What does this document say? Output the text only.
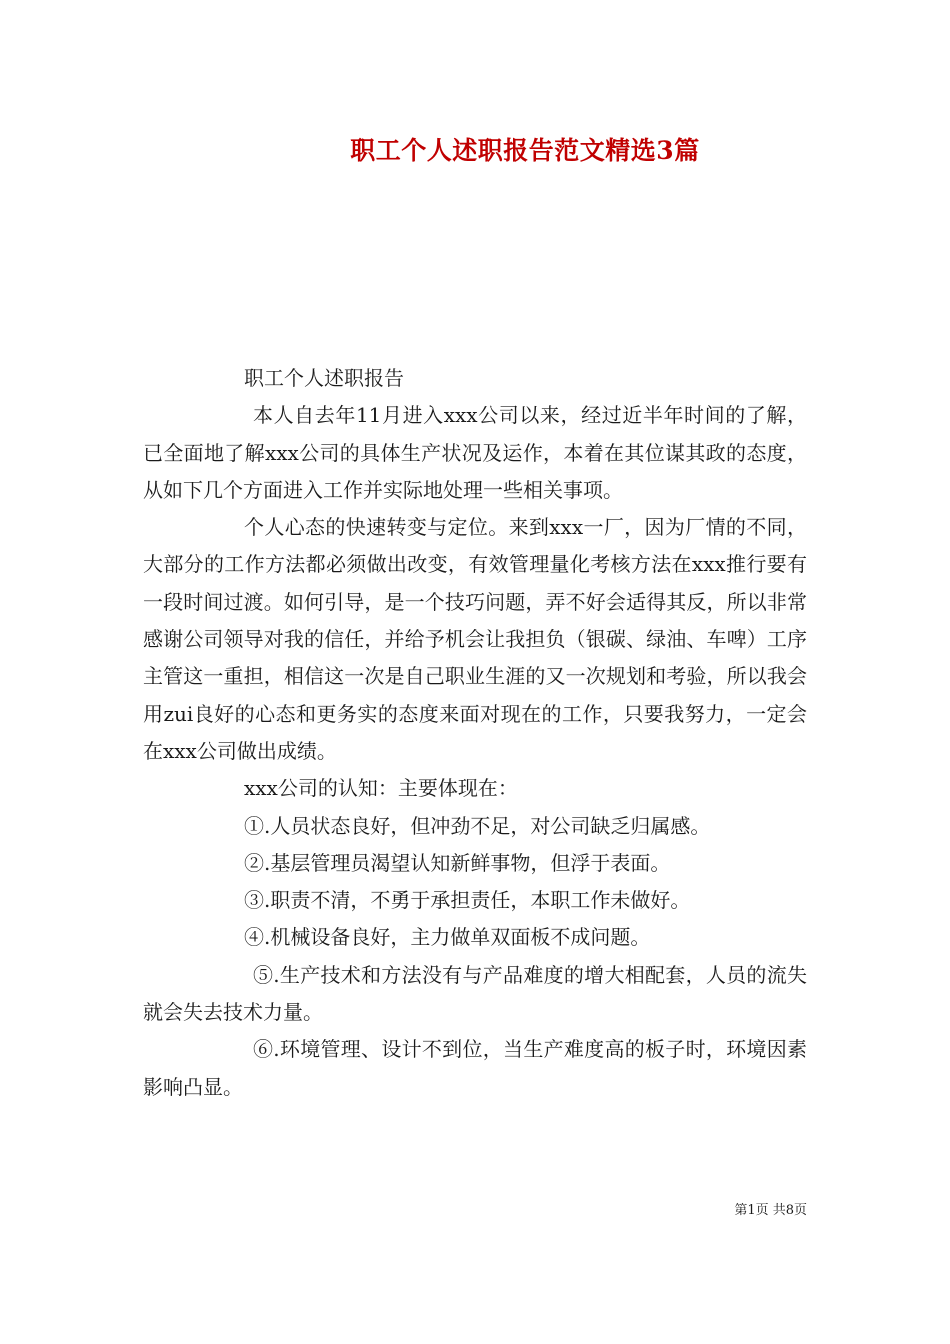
职工个人述职报告范文精选3篇

职工个人述职报告

本人自去年11月进入xxx公司以来，经过近半年时间的了解，已全面地了解xxx公司的具体生产状况及运作，本着在其位谋其政的态度，从如下几个方面进入工作并实际地处理一些相关事项。

个人心态的快速转变与定位。来到xxx一厂，因为厂情的不同，大部分的工作方法都必须做出改变，有效管理量化考核方法在xxx推行要有一段时间过渡。如何引导，是一个技巧问题，弄不好会适得其反，所以非常感谢公司领导对我的信任，并给予机会让我担负（银碳、绿油、车啤）工序主管这一重担，相信这一次是自己职业生涯的又一次规划和考验，所以我会用zui良好的心态和更务实的态度来面对现在的工作，只要我努力，一定会在xxx公司做出成绩。

xxx公司的认知：主要体现在：

①.人员状态良好，但冲劲不足，对公司缺乏归属感。

②.基层管理员渴望认知新鲜事物，但浮于表面。

③.职责不清，不勇于承担责任，本职工作未做好。

④.机械设备良好，主力做单双面板不成问题。

⑤.生产技术和方法没有与产品难度的增大相配套，人员的流失就会失去技术力量。

⑥.环境管理、设计不到位，当生产难度高的板子时，环境因素影响凸显。

第1页 共8页
